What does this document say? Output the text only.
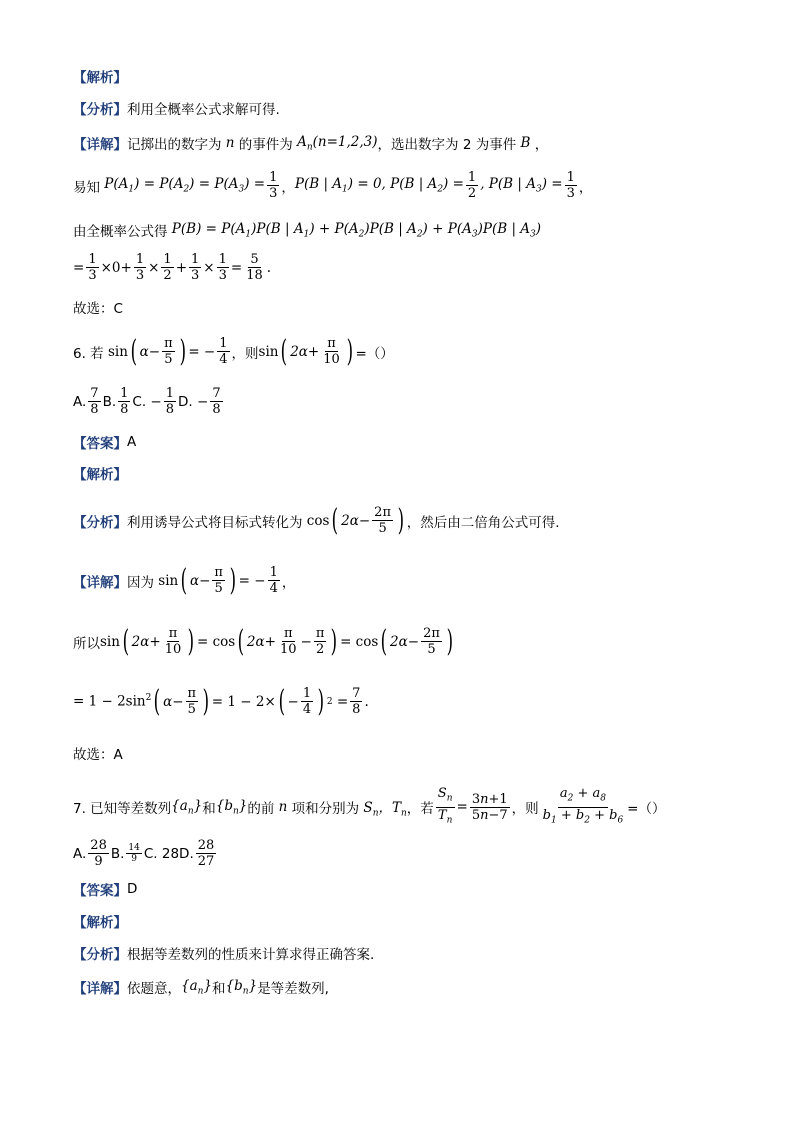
【解析】
【分析】 利用全概率公式求解可得.
【详解】 记掷出的数字为 n 的事件为 $A_n(n=1,2,3)$ ，选出数字为 2 为事件 B ，
易知 $P(A_1) = P(A_2) = P(A_3) = \frac{1}{3}$ ， P(B | $A_1) = 0$, P(B | $A_2) = \frac{1}{2}$ , P(B | $A_3) = \frac{1}{3}$ ，
由全概率公式得 $P(B) = P(A_1)P(B$ | $A_1) + P(A_2)P(B$ | $A_2) + P(A_3)P(B$ | $A_3$)
= $\frac{1}{3} \times 0+ \frac{1}{3} \times \frac{1}{2} + \frac{1}{3} \times \frac{1}{3} = \frac{5}{18}$ .
故选：C
6. 若 sin ( $\alpha- \frac{\pi}{5}$ ) = − $\frac{1}{4}$ ，则 sin ( $2\alpha+ \frac{\pi}{10}$ ) =（）
A. $\frac{7}{8} B$. $\frac{1}{8} C$. − $\frac{1}{8} D$. − $\frac{7}{8}$
【答案】 A
【解析】
【分析】 利用诱导公式将目标式转化为 cos ( $2\alpha- \frac{2\pi}{5}$ ) ，然后由二倍角公式可得.
【详解】 因为 sin ( $\alpha- \frac{\pi}{5}$ ) = − $\frac{1}{4}$ ，
所以 sin ( $2\alpha+ \frac{\pi}{10}$ ) = cos ( $2\alpha+ \frac{\pi}{10} - \frac{\pi}{2}$ ) = cos ( $2\alpha- \frac{2\pi}{5}$ )
= $1 - 2\sin^2$ ( $\alpha- \frac{\pi}{5}$ ) = 1 − 2× ( − $\frac{1}{4}$ ) $2 = \frac{7}{8}$ .
故选：A
7. 已知等差数列 $\{a_n\}$ 和 $\{b_n\}$ 的前 n 项和分别为 $S_n$，$T_n$ ，若 $\frac{S_n}{T_n} = \frac{3n+1}{5n-7}$ ，则 $\frac{a_2 + a_8}{b_1 + b_2 + b_6}$ =（）
A. $\frac{28}{9} B$. $\frac{14}{9} C$. 28D. $\frac{28}{27}$
【答案】 D
【解析】
【分析】 根据等差数列的性质来计算求得正确答案.
【详解】 依题意， $\{a_n\}$ 和 $\{b_n\}$ 是等差数列,
